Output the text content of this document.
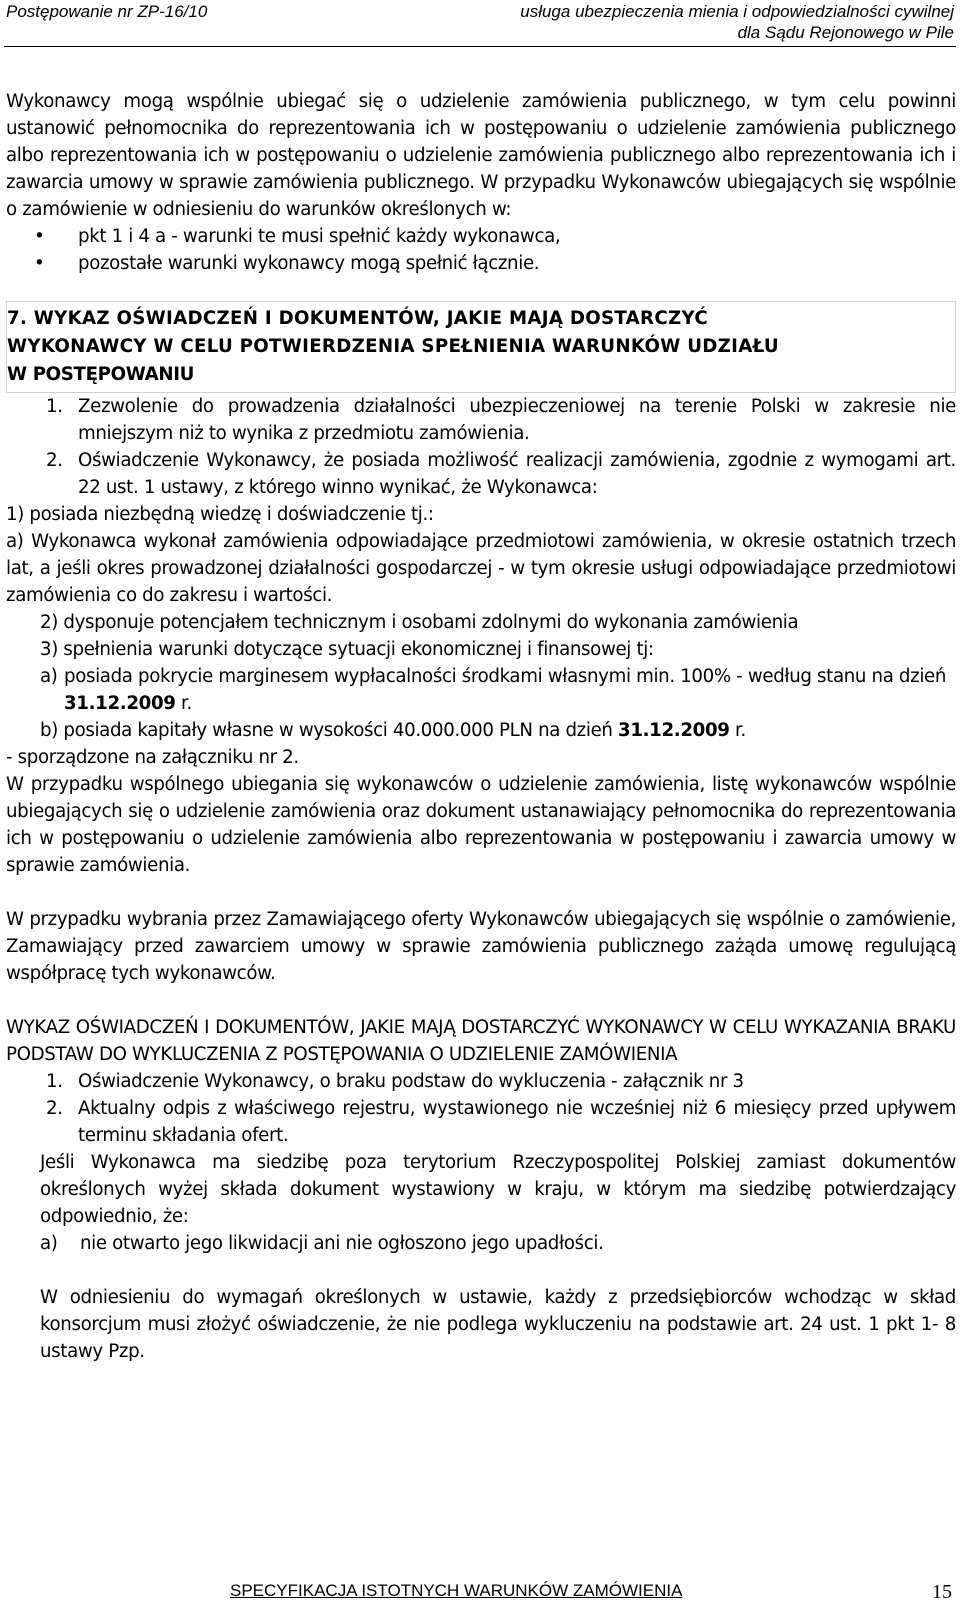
Postępowanie nr ZP-16/10	usługa ubezpieczenia mienia i odpowiedzialności cywilnej
dla Sądu Rejonowego w Pile

Wykonawcy mogą wspólnie ubiegać się o udzielenie zamówienia publicznego, w tym celu powinni ustanowić pełnomocnika do reprezentowania ich w postępowaniu o udzielenie zamówienia publicznego albo reprezentowania ich w postępowaniu o udzielenie zamówienia publicznego albo reprezentowania ich i zawarcia umowy w sprawie zamówienia publicznego. W przypadku Wykonawców ubiegających się wspólnie o zamówienie w odniesieniu do warunków określonych w:

• pkt 1 i 4 a - warunki te musi spełnić każdy wykonawca,
• pozostałe warunki wykonawcy mogą spełnić łącznie.

7. WYKAZ OŚWIADCZEŃ I DOKUMENTÓW, JAKIE MAJĄ DOSTARCZYĆ

WYKONAWCY W CELU POTWIERDZENIA SPEŁNIENIA WARUNKÓW UDZIAŁU

W POSTĘPOWANIU

1. Zezwolenie do prowadzenia działalności ubezpieczeniowej na terenie Polski w zakresie nie mniejszym niż to wynika z przedmiotu zamówienia.
2. Oświadczenie Wykonawcy, że posiada możliwość realizacji zamówienia, zgodnie z wymogami art. 22 ust. 1 ustawy, z którego winno wynikać, że Wykonawca:

1) posiada niezbędną wiedzę i doświadczenie tj.:

a) Wykonawca wykonał zamówienia odpowiadające przedmiotowi zamówienia, w okresie ostatnich trzech lat, a jeśli okres prowadzonej działalności gospodarczej - w tym okresie usługi odpowiadające przedmiotowi zamówienia co do zakresu i wartości.

2) dysponuje potencjałem technicznym i osobami zdolnymi do wykonania zamówienia

3) spełnienia warunki dotyczące sytuacji ekonomicznej i finansowej tj:

a) posiada pokrycie marginesem wypłacalności środkami własnymi min. 100% - według stanu na dzień 31.12.2009 r.

b) posiada kapitały własne w wysokości 40.000.000 PLN na dzień 31.12.2009 r.

- sporządzone na załączniku nr 2.

W przypadku wspólnego ubiegania się wykonawców o udzielenie zamówienia, listę wykonawców wspólnie ubiegających się o udzielenie zamówienia oraz dokument ustanawiający pełnomocnika do reprezentowania ich w postępowaniu o udzielenie zamówienia albo reprezentowania w postępowaniu i zawarcia umowy w sprawie zamówienia.

W przypadku wybrania przez Zamawiającego oferty Wykonawców ubiegających się wspólnie o zamówienie, Zamawiający przed zawarciem umowy w sprawie zamówienia publicznego zażąda umowę regulującą współpracę tych wykonawców.

WYKAZ OŚWIADCZEŃ I DOKUMENTÓW, JAKIE MAJĄ DOSTARCZYĆ WYKONAWCY W CELU WYKAZANIA BRAKU PODSTAW DO WYKLUCZENIA Z POSTĘPOWANIA O UDZIELENIE ZAMÓWIENIA

1. Oświadczenie Wykonawcy, o braku podstaw do wykluczenia - załącznik nr 3
2. Aktualny odpis z właściwego rejestru, wystawionego nie wcześniej niż 6 miesięcy przed upływem terminu składania ofert.

Jeśli Wykonawca ma siedzibę poza terytorium Rzeczypospolitej Polskiej zamiast dokumentów określonych wyżej składa dokument wystawiony w kraju, w którym ma siedzibę potwierdzający odpowiednio, że:

a) nie otwarto jego likwidacji ani nie ogłoszono jego upadłości.

W odniesieniu do wymagań określonych w ustawie, każdy z przedsiębiorców wchodząc w skład konsorcjum musi złożyć oświadczenie, że nie podlega wykluczeniu na podstawie art. 24 ust. 1 pkt 1- 8 ustawy Pzp.

SPECYFIKACJA ISTOTNYCH WARUNKÓW ZAMÓWIENIA	15
